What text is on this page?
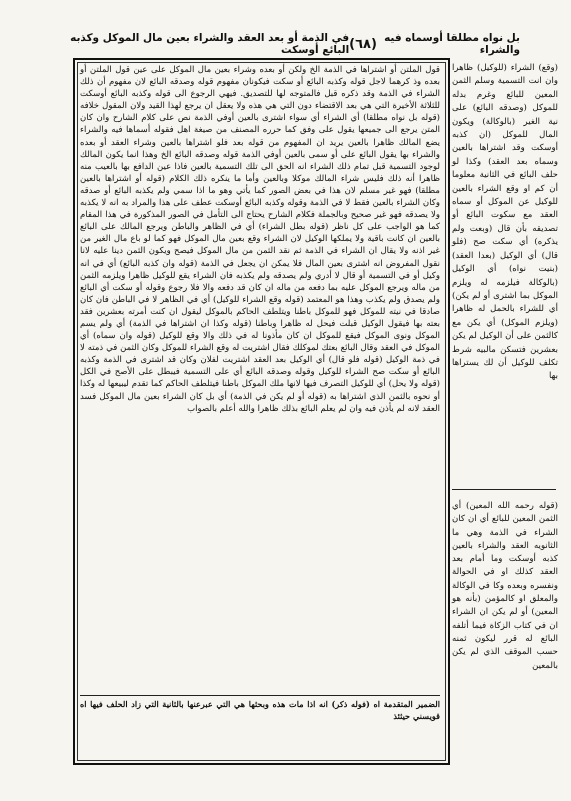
بل نواه مطلقا أوسماه فيه والشراء
(٦٨)
في الذمة أو بعد العقد والشراء بعين مال الموكل وكذبه البائع أوسكت
قول الملتن أو اشتراها في الذمة الخ ولكن أو بعده وشراء بعين مال الموكل على عين قول الملتن أو بعده وذ كرهما لاجل قوله وكذبه البائع أو سكت فيكونان مفهوم قوله وصدقه البائع لان مفهوم أن ذلك الشراء في الذمة وقد ذكره قبل فالمتوجه لها للتصديق. فيهي الرجوع الى قوله وكذبه البائع أوسكت للثلاثة الأخيرة التي هي بعد الاقتضاء دون التي هي هذه ولا يعقل ان يرجع لهذا القيد ولان المقول خلافه (قوله بل نواه مطلقا) أي الشراء أي سواء اشترى بالعين أوفي الذمة نص على كلام الشارح وان كان المتن يرجع الى جميعها يقول على وفق كما حرره المصنف من صيغة اهل فقوله أسماها فيه والشراء يضع المالك ظاهرا بالعين يريد ان المفهوم من قوله بعد فلو اشتراها بالعين وشراء العقد أو بعده والشراء بها يقول البائع على أو سمى بالعين أوفي الذمة قوله وصدقه البائع الخ وهذا انما يكون المالك لوجود التسمية قبل تمام ذلك الشراء انه الحق الى تلك التسمية بالعين فاذا عين الدافع بها بالعيب منه ظاهرا أنه ذلك فليس شراء المالك موكلا وبالعين وأما ما ينكره ذلك الكلام (قوله أو اشتراها بالعين مطلقا) فهو غير مسلم لان هذا في بعض الصور كما يأتي وهو ما اذا سمي ولم يكذبه البائع أو صدقه وكان الشراء بالعين فقط لا في الذمة وقوله وكذبه البائع أوسكت عطف على هذا والمراد به انه لا يكذبه ولا يصدقه فهو غير صحيح وبالجملة فكلام الشارح يحتاج الى التأمل في الصور المذكورة في هذا المقام كما هو الواجب على كل ناظر (قوله بطل الشراء) أي في الظاهر والباطن ويرجع المالك على البائع بالعين ان كانت باقية ولا يملكها الوكيل لان الشراء وقع بعين مال الموكل فهو كما لو باع مال الغير من غير اذنه ولا يقال ان الشراء في الذمة ثم نقد الثمن من مال الموكل فيصح ويكون الثمن دينا عليه لانا نقول المفروض انه اشترى بعين المال فلا يمكن ان يجعل في الذمة (قوله وان كذبه البائع) أي في انه وكيل أو في التسمية أو قال لا أدري ولم يصدقه ولم يكذبه فان الشراء يقع للوكيل ظاهرا ويلزمه الثمن من ماله ويرجع الموكل عليه بما دفعه من ماله ان كان قد دفعه والا فلا رجوع وقوله أو سكت أي البائع ولم يصدق ولم يكذب وهذا هو المعتمد (قوله وقع الشراء للوكيل) أي في الظاهر لا في الباطن فان كان صادقا في نيته للموكل فهو للموكل باطنا ويتلطف الحاكم بالموكل ليقول ان كنت أمرته بعشرين فقد بعته بها فيقول الوكيل قبلت فيحل له ظاهرا وباطنا (قوله وكذا ان اشتراها في الذمة) أي ولم يسم الموكل ونوى الموكل فيقع للموكل ان كان مأذونا له في ذلك والا وقع للوكيل (قوله وان سماه) أي الموكل في العقد وقال البائع بعتك لموكلك فقال اشتريت له وقع الشراء للموكل وكان الثمن في ذمته لا في ذمة الوكيل (قوله فلو قال) أي الوكيل بعد العقد اشتريت لفلان وكان قد اشترى في الذمة وكذبه البائع أو سكت صح الشراء للوكيل وقوله وصدقه البائع أي على التسمية فيبطل على الأصح في الكل (قوله ولا يحل) أي للوكيل التصرف فيها لانها ملك الموكل باطنا فيتلطف الحاكم كما تقدم ليبيعها له وكذا أو نحوه بالثمن الذي اشتراها به (قوله أو لم يكن في الذمة) أي بل كان الشراء بعين مال الموكل فسد العقد لانه لم يأذن فيه وان لم يعلم البائع بذلك ظاهرا والله أعلم بالصواب
(وقع) الشراء (للوكيل) ظاهرا وان انت التسمية وسلم الثمن المعين للبائع وغرم بدله للموكل (وصدقه البائع) على نية الغير (بالوكالة) ويكون المال للموكل (ان كذبه أوسكت وقد اشتراها بالعين وسماه بعد العقد) وكذا لو حلف البائع في الثانية معلوما أن كم او وقع الشراء بالعين للوكيل عن الموكل أو سماه العقد مع سكوت البائع أو تصديقه بأن قال (وبعت ولم يذكره) أي سكت صح (فلو قال) أي الوكيل (بعدا العقد) (بنيت نواه) أي الوكيل (بالوكالة فيلزمه له ويلزم الموكل بما اشترى أو لم يكن) أي للشراء بالحمل له ظاهرا (ويلزم الموكل) أي يكن مع كالثمن على أن الوكيل لم يكن بعشرين فتسكن مالبيه شرط تكلف للوكيل أن لك يستراها بها
(قوله رحمه الله المعين) أي الثمن المعين للبائع أي ان كان الشراء في الذمة وهي ما الثانويه العقد والشراء بالعين كذبه أوسكت وما أمام بعد العقد كذلك او في الحوالة ونفسره وبعده وكا في الوكالة والمعلق او كالمؤمن (بأنه هو المعين) أو لم يكن ان الشراء ان في كتاب الزكاة فيما أتلفه البائع له قرر ليكون ثمنه حسب الموقف الذي لم يكن بالمعين
الضمير المتقدمة اه (فوله ذكر) انه اذا مات هذه وبحثها هي التي عبرعنها بالثانية التي زاد الحلف فيها اه قويسني حيثئذ
